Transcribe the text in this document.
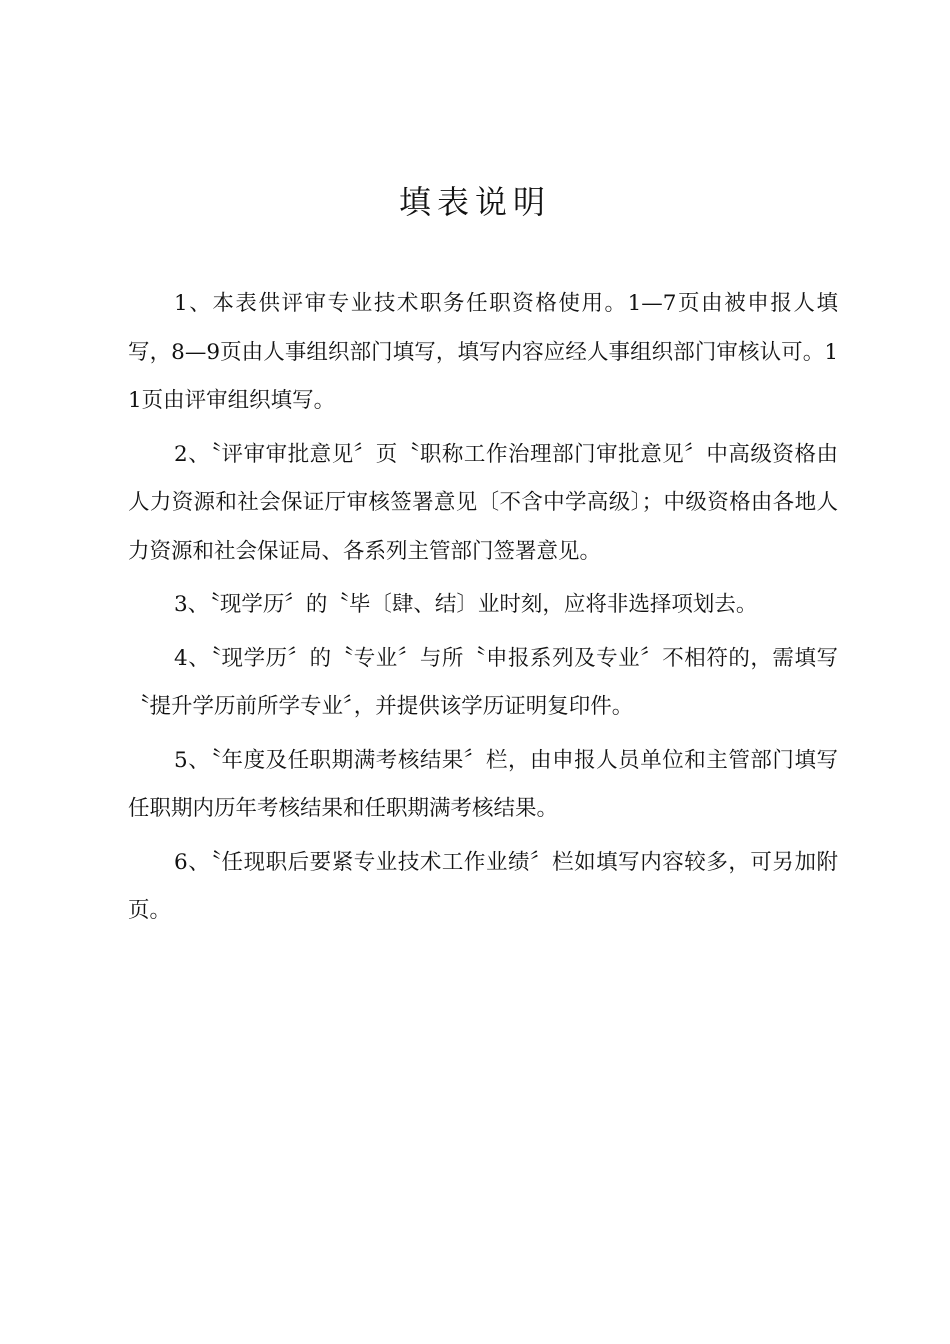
填表说明

1、本表供评审专业技术职务任职资格使用。1—7页由被申报人填写，8—9页由人事组织部门填写，填写内容应经人事组织部门审核认可。11页由评审组织填写。

2、〝评审审批意见〞页〝职称工作治理部门审批意见〞中高级资格由人力资源和社会保证厅审核签署意见〔不含中学高级〕；中级资格由各地人力资源和社会保证局、各系列主管部门签署意见。

3、〝现学历〞的〝毕〔肆、结〕业时刻，应将非选择项划去。

4、〝现学历〞的〝专业〞与所〝申报系列及专业〞不相符的，需填写〝提升学历前所学专业〞，并提供该学历证明复印件。

5、〝年度及任职期满考核结果〞栏，由申报人员单位和主管部门填写任职期内历年考核结果和任职期满考核结果。

6、〝任现职后要紧专业技术工作业绩〞栏如填写内容较多，可另加附页。
